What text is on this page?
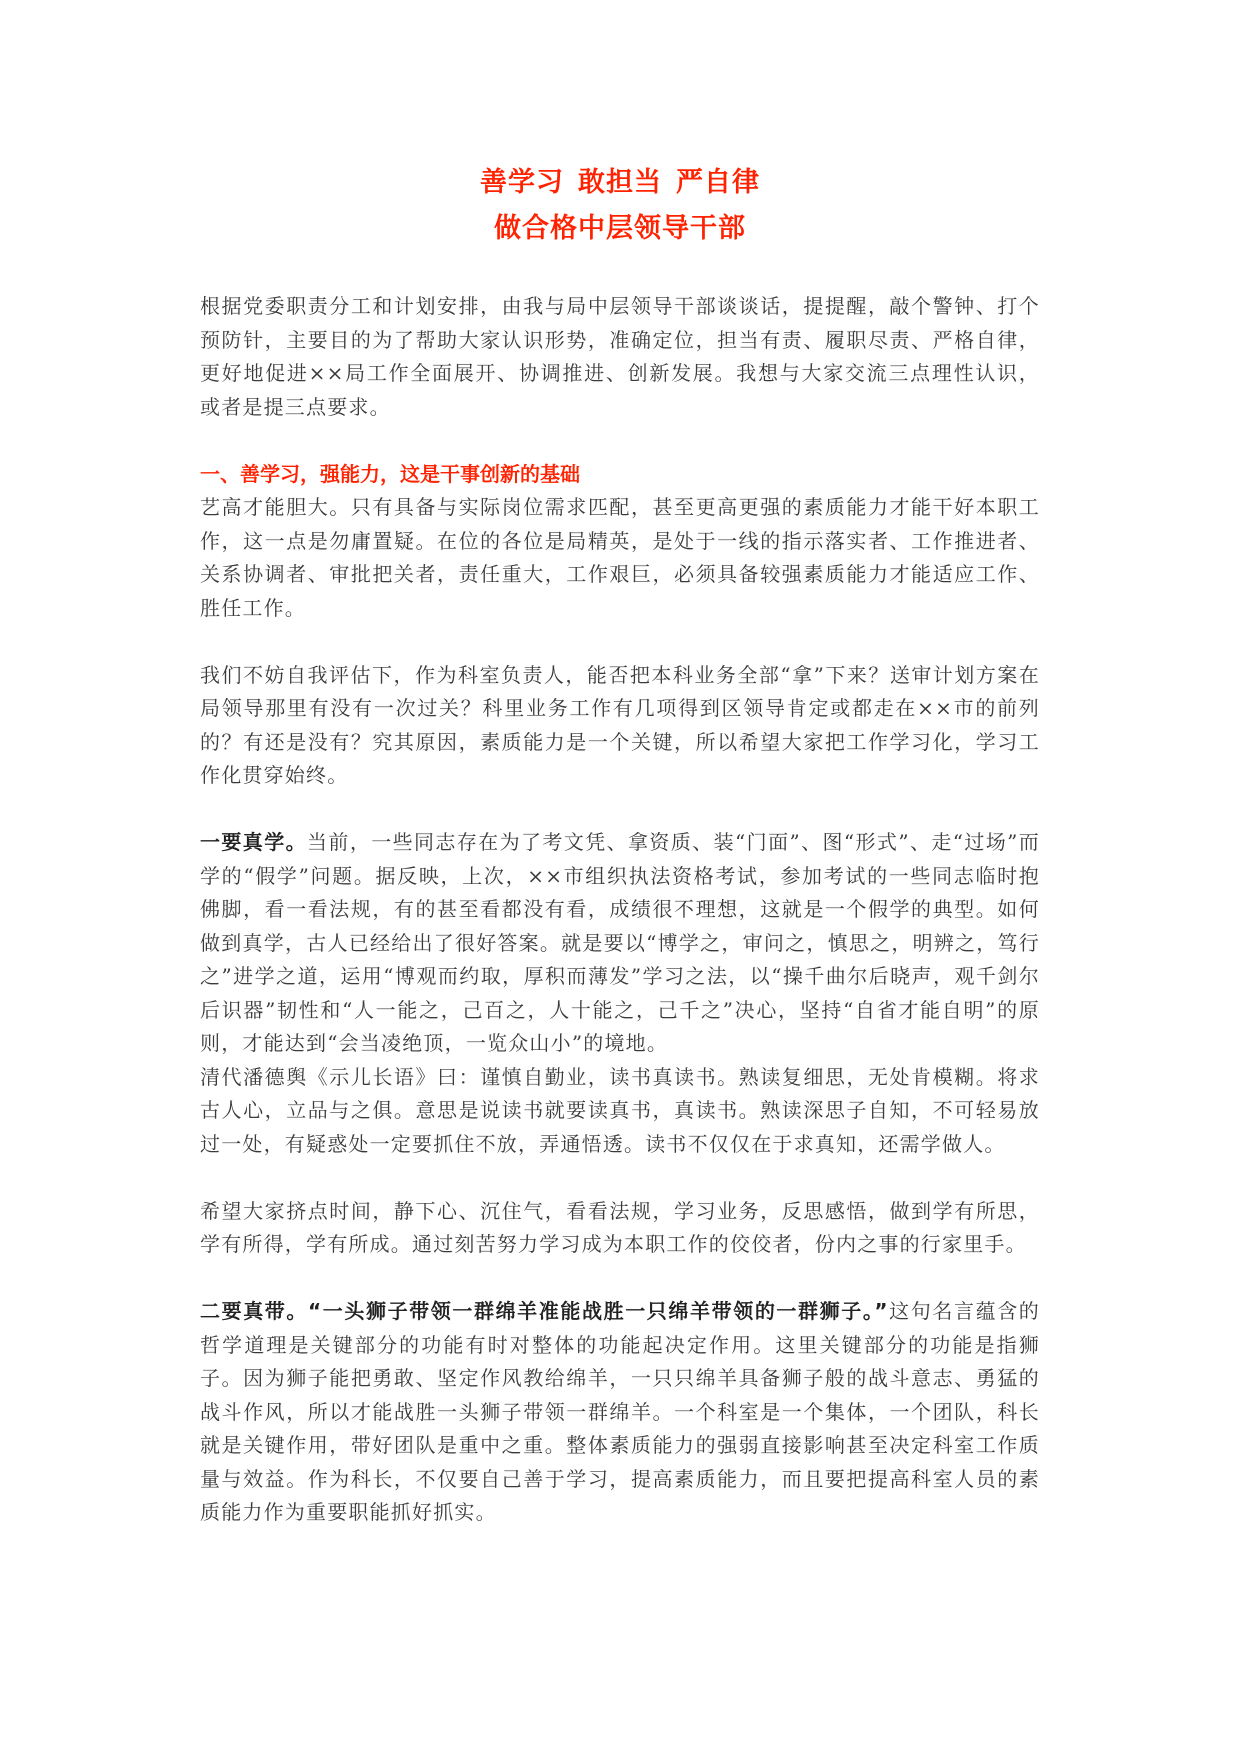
善学习 敢担当 严自律
做合格中层领导干部

根据党委职责分工和计划安排，由我与局中层领导干部谈谈话，提提醒，敲个警钟、打个预防针，主要目的为了帮助大家认识形势，准确定位，担当有责、履职尽责、严格自律，更好地促进××局工作全面展开、协调推进、创新发展。我想与大家交流三点理性认识，或者是提三点要求。

一、善学习，强能力，这是干事创新的基础

艺高才能胆大。只有具备与实际岗位需求匹配，甚至更高更强的素质能力才能干好本职工作，这一点是勿庸置疑。在位的各位是局精英，是处于一线的指示落实者、工作推进者、关系协调者、审批把关者，责任重大，工作艰巨，必须具备较强素质能力才能适应工作、胜任工作。

我们不妨自我评估下，作为科室负责人，能否把本科业务全部“拿”下来？送审计划方案在局领导那里有没有一次过关？科里业务工作有几项得到区领导肯定或都走在××市的前列的？有还是没有？究其原因，素质能力是一个关键，所以希望大家把工作学习化，学习工作化贯穿始终。

一要真学。当前，一些同志存在为了考文凭、拿资质、装“门面”、图“形式”、走“过场”而学的“假学”问题。据反映，上次，××市组织执法资格考试，参加考试的一些同志临时抱佛脚，看一看法规，有的甚至看都没有看，成绩很不理想，这就是一个假学的典型。如何做到真学，古人已经给出了很好答案。就是要以“博学之，审问之，慎思之，明辨之，笃行之”进学之道，运用“博观而约取，厚积而薄发”学习之法，以“操千曲尔后晓声，观千剑尔后识器”韧性和“人一能之，己百之，人十能之，己千之”决心，坚持“自省才能自明”的原则，才能达到“会当凌绝顶，一览众山小”的境地。

清代潘德舆《示儿长语》曰：谨慎自勤业，读书真读书。熟读复细思，无处肯模糊。将求古人心，立品与之俱。意思是说读书就要读真书，真读书。熟读深思子自知，不可轻易放过一处，有疑惑处一定要抓住不放，弄通悟透。读书不仅仅在于求真知，还需学做人。

希望大家挤点时间，静下心、沉住气，看看法规，学习业务，反思感悟，做到学有所思，学有所得，学有所成。通过刻苦努力学习成为本职工作的佼佼者，份内之事的行家里手。

二要真带。“一头狮子带领一群绵羊准能战胜一只绵羊带领的一群狮子。”这句名言蕴含的哲学道理是关键部分的功能有时对整体的功能起决定作用。这里关键部分的功能是指狮子。因为狮子能把勇敢、坚定作风教给绵羊，一只只绵羊具备狮子般的战斗意志、勇猛的战斗作风，所以才能战胜一头狮子带领一群绵羊。一个科室是一个集体，一个团队，科长就是关键作用，带好团队是重中之重。整体素质能力的强弱直接影响甚至决定科室工作质量与效益。作为科长，不仅要自己善于学习，提高素质能力，而且要把提高科室人员的素质能力作为重要职能抓好抓实。
